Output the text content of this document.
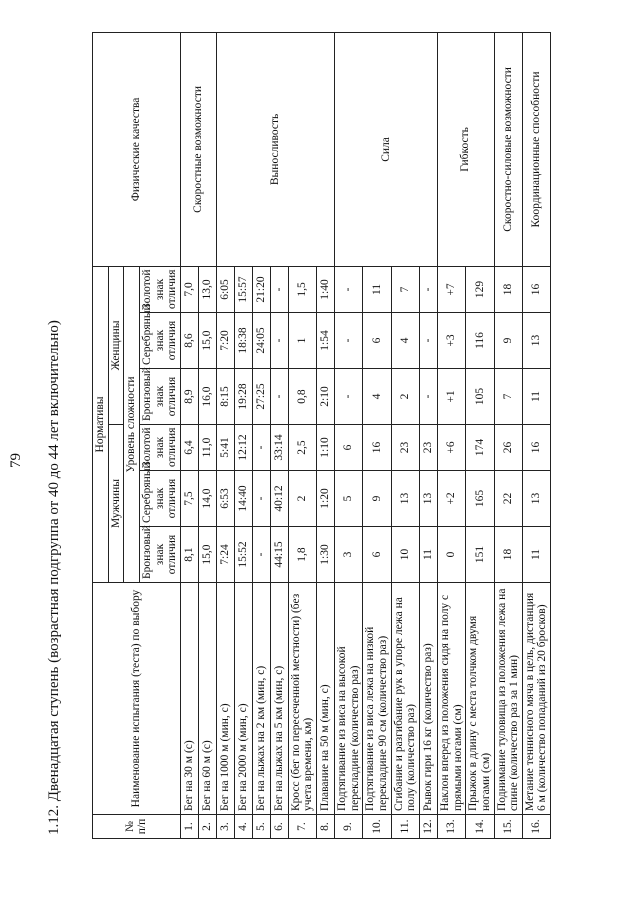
79 1.12. Двенадцатая ступень (возрастная подгруппа от 40 до 44 лет включительно)	№ п/п	Наименование испытания (теста) по выбору	Нормативы						Физические качества
		Мужчины			Женщины			
		Уровень сложности						
		Бронзовый знак отличия	Серебряный знак отличия	Золотой знак отличия	Бронзовый знак отличия	Серебряный знак отличия	Золотой знак отличия	
1.	Бег на 30 м (с)	8,1	7,5	6,4	8,9	8,6	7,0	Скоростные возможности
2.	Бег на 60 м (с)	15,0	14,0	11,0	16,0	15,0	13,0	
3.	Бег на 1000 м (мин, с)	7:24	6:53	5:41	8:15	7:20	6:05	Выносливость
4.	Бег на 2000 м (мин, с)	15:52	14:40	12:12	19:28	18:38	15:57	
5.	Бег на лыжах на 2 км (мин, с)	-	-	-	27:25	24:05	21:20	
6.	Бег на лыжах на 5 км (мин, с)	44:15	40:12	33:14	-	-	-	
7.	Кросс (бег по пересеченной местности) (без учета времени, км)	1,8	2	2,5	0,8	1	1,5	
8.	Плавание на 50 м (мин, с)	1:30	1:20	1:10	2:10	1:54	1:40	
9.	Подтягивание из виса на высокой перекладине (количество раз)	3	5	6	-	-	-	Сила
10.	Подтягивание из виса лежа на низкой перекладине 90 см (количество раз)	6	9	16	4	6	11	
11.	Сгибание и разгибание рук в упоре лежа на полу (количество раз)	10	13	23	2	4	7	
12.	Рывок гири 16 кг (количество раз)	11	13	23	-	-	-	
13.	Наклон вперед из положения сидя на полу с прямыми ногами (см)	0	+2	+6	+1	+3	+7	Гибкость
14.	Прыжок в длину с места толчком двумя ногами (см)	151	165	174	105	116	129	
15.	Поднимание туловища из положения лежа на спине (количество раз за 1 мин)	18	22	26	7	9	18	Скоростно-силовые возможности
16.	Метание теннисного мяча в цель, дистанция 6 м (количество попаданий из 20 бросков)	11	13	16	11	13	16	Координационные способности
